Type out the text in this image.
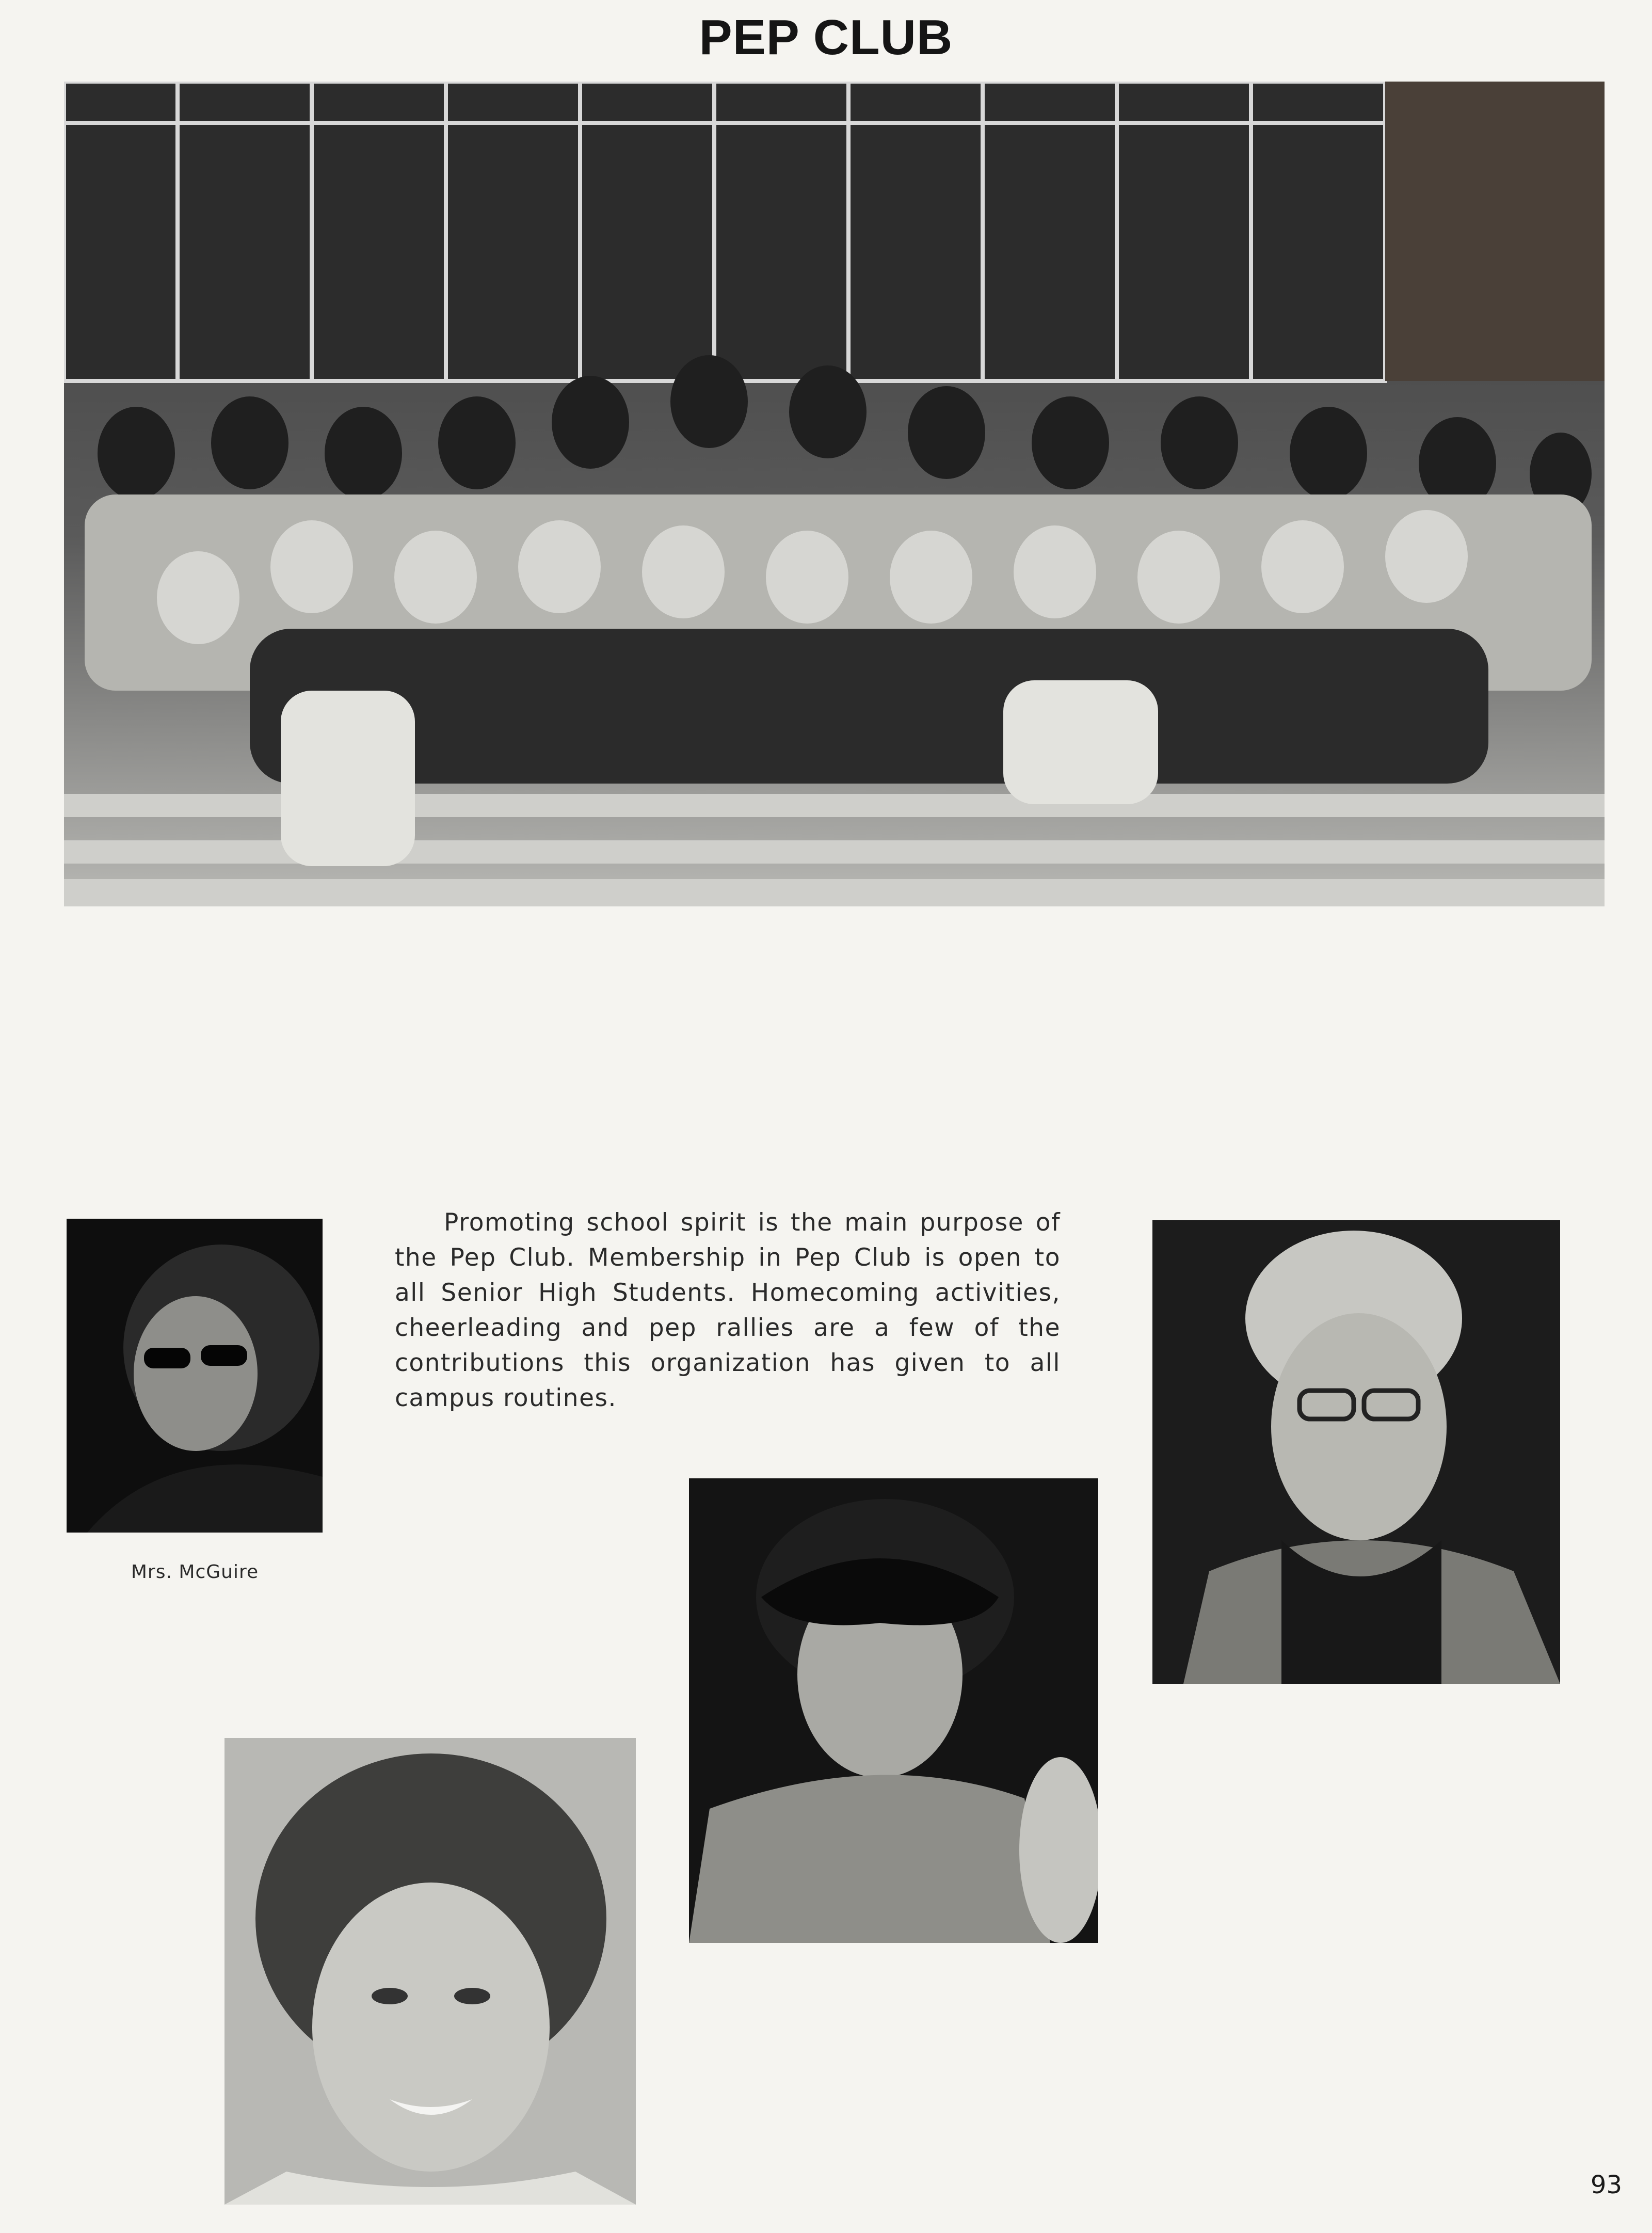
PEP CLUB
Mrs. McGuire
Promoting school spirit is the main purpose of the Pep Club. Membership in Pep Club is open to all Senior High Students. Homecoming activities, cheerleading and pep rallies are a few of the contributions this organization has given to all campus routines.
93
